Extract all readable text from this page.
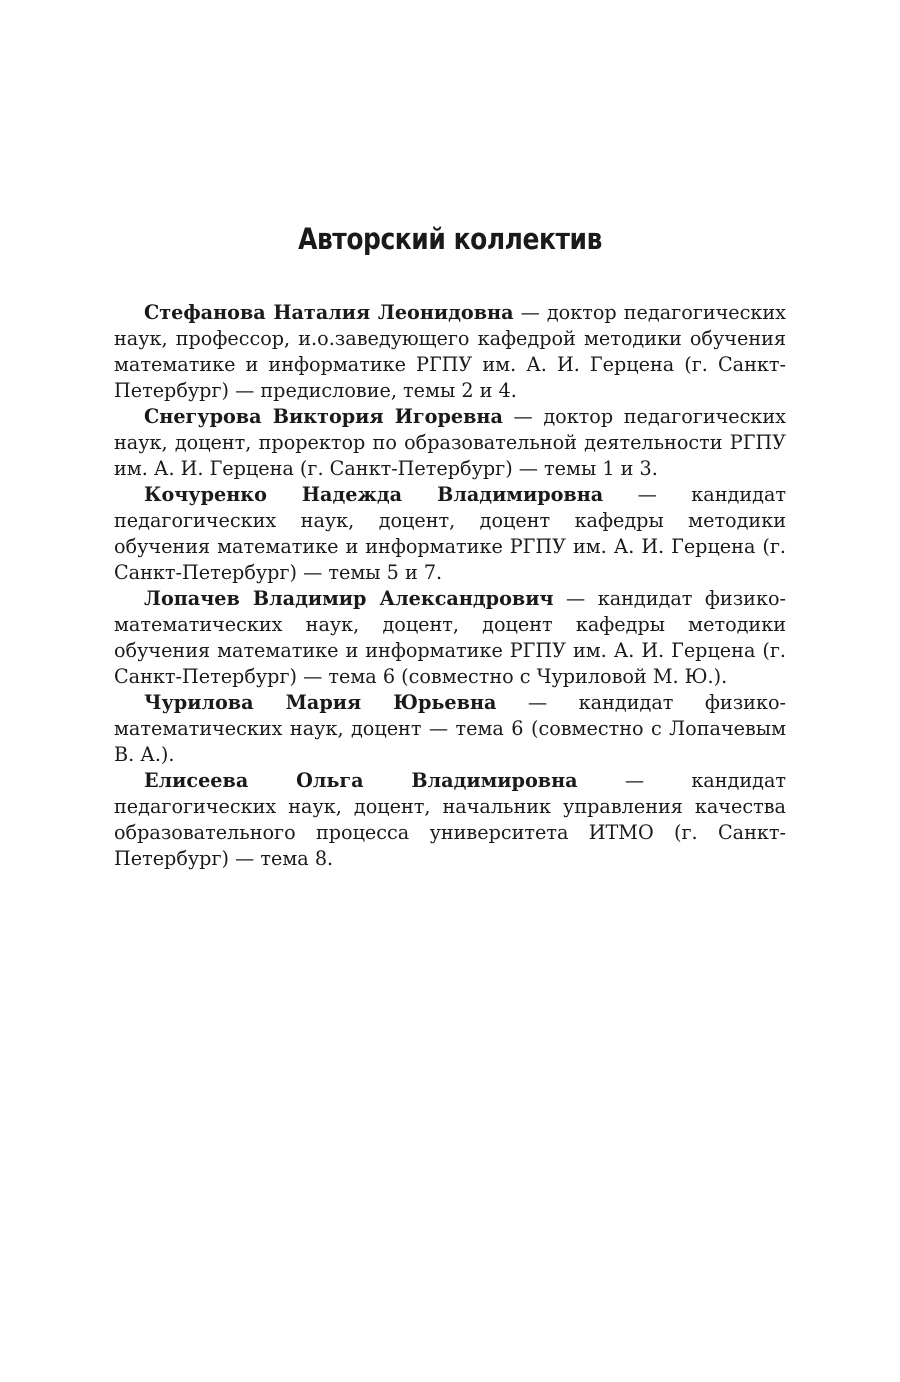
Авторский коллектив

Стефанова Наталия Леонидовна — доктор педагогических наук, профессор, и.о.заведующего кафедрой методики обучения математике и информатике РГПУ им. А. И. Герцена (г. Санкт-Петербург) — предисловие, темы 2 и 4.

Снегурова Виктория Игоревна — доктор педагогических наук, доцент, проректор по образовательной деятельности РГПУ им. А. И. Герцена (г. Санкт-Петербург) — темы 1 и 3.

Кочуренко Надежда Владимировна — кандидат педагогических наук, доцент, доцент кафедры методики обучения математике и информатике РГПУ им. А. И. Герцена (г. Санкт-Петербург) — темы 5 и 7.

Лопачев Владимир Александрович — кандидат физико-математических наук, доцент, доцент кафедры методики обучения математике и информатике РГПУ им. А. И. Герцена (г. Санкт-Петербург) — тема 6 (совместно с Чуриловой М. Ю.).

Чурилова Мария Юрьевна — кандидат физико-математических наук, доцент — тема 6 (совместно с Лопачевым В. А.).

Елисеева Ольга Владимировна — кандидат педагогических наук, доцент, начальник управления качества образовательного процесса университета ИТМО (г. Санкт-Петербург) — тема 8.
